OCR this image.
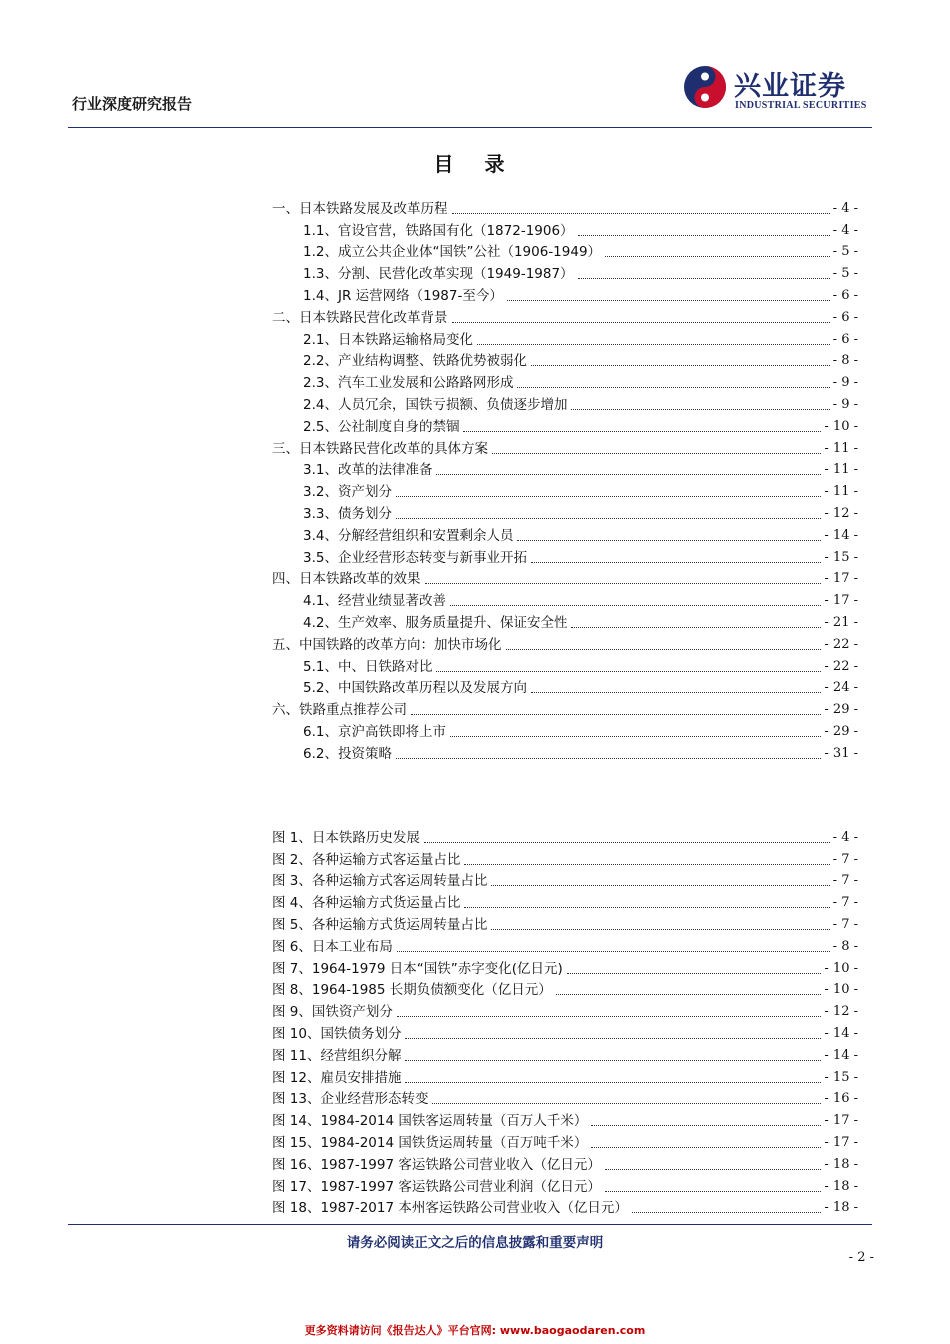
行业深度研究报告
兴业证券
INDUSTRIAL SECURITIES
目 录
一、日本铁路发展及改革历程	- 4 -
1.1、官设官营，铁路国有化（1872-1906）	- 4 -
1.2、成立公共企业体“国铁”公社（1906-1949）	- 5 -
1.3、分割、民营化改革实现（1949-1987）	- 5 -
1.4、JR 运营网络（1987-至今）	- 6 -
二、日本铁路民营化改革背景	- 6 -
2.1、日本铁路运输格局变化	- 6 -
2.2、产业结构调整、铁路优势被弱化	- 8 -
2.3、汽车工业发展和公路路网形成	- 9 -
2.4、人员冗余，国铁亏损额、负债逐步增加	- 9 -
2.5、公社制度自身的禁锢	- 10 -
三、日本铁路民营化改革的具体方案	- 11 -
3.1、改革的法律准备	- 11 -
3.2、资产划分	- 11 -
3.3、债务划分	- 12 -
3.4、分解经营组织和安置剩余人员	- 14 -
3.5、企业经营形态转变与新事业开拓	- 15 -
四、日本铁路改革的效果	- 17 -
4.1、经营业绩显著改善	- 17 -
4.2、生产效率、服务质量提升、保证安全性	- 21 -
五、中国铁路的改革方向：加快市场化	- 22 -
5.1、中、日铁路对比	- 22 -
5.2、中国铁路改革历程以及发展方向	- 24 -
六、铁路重点推荐公司	- 29 -
6.1、京沪高铁即将上市	- 29 -
6.2、投资策略	- 31 -
图 1、日本铁路历史发展	- 4 -
图 2、各种运输方式客运量占比	- 7 -
图 3、各种运输方式客运周转量占比	- 7 -
图 4、各种运输方式货运量占比	- 7 -
图 5、各种运输方式货运周转量占比	- 7 -
图 6、日本工业布局	- 8 -
图 7、1964-1979 日本“国铁”赤字变化(亿日元)	- 10 -
图 8、1964-1985 长期负债额变化（亿日元）	- 10 -
图 9、国铁资产划分	- 12 -
图 10、国铁债务划分	- 14 -
图 11、经营组织分解	- 14 -
图 12、雇员安排措施	- 15 -
图 13、企业经营形态转变	- 16 -
图 14、1984-2014 国铁客运周转量（百万人千米）	- 17 -
图 15、1984-2014 国铁货运周转量（百万吨千米）	- 17 -
图 16、1987-1997 客运铁路公司营业收入（亿日元）	- 18 -
图 17、1987-1997 客运铁路公司营业利润（亿日元）	- 18 -
图 18、1987-2017 本州客运铁路公司营业收入（亿日元）	- 18 -
请务必阅读正文之后的信息披露和重要声明
- 2 -
更多资料请访问《报告达人》平台官网: www.baogaodaren.com
